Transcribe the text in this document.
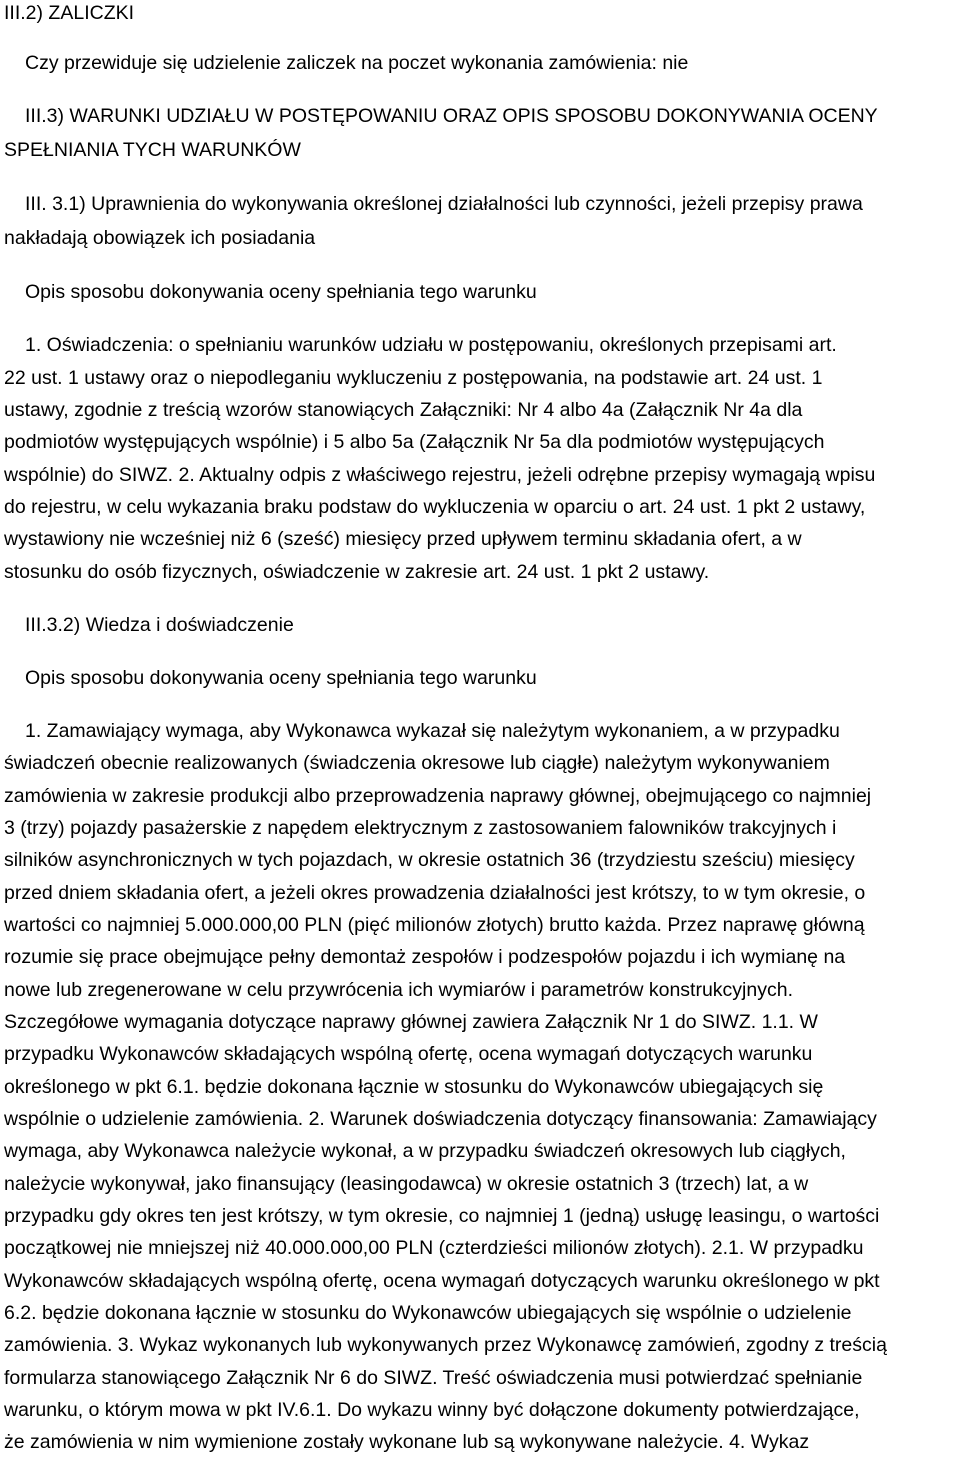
III.2) ZALICZKI
Czy przewiduje się udzielenie zaliczek na poczet wykonania zamówienia: nie
III.3) WARUNKI UDZIAŁU W POSTĘPOWANIU ORAZ OPIS SPOSOBU DOKONYWANIA OCENY
SPEŁNIANIA TYCH WARUNKÓW
III. 3.1) Uprawnienia do wykonywania określonej działalności lub czynności, jeżeli przepisy prawa
nakładają obowiązek ich posiadania
Opis sposobu dokonywania oceny spełniania tego warunku
1. Oświadczenia: o spełnianiu warunków udziału w postępowaniu, określonych przepisami art.
22 ust. 1 ustawy oraz o niepodleganiu wykluczeniu z postępowania, na podstawie art. 24 ust. 1
ustawy, zgodnie z treścią wzorów stanowiących Załączniki: Nr 4 albo 4a (Załącznik Nr 4a dla
podmiotów występujących wspólnie) i 5 albo 5a (Załącznik Nr 5a dla podmiotów występujących
wspólnie) do SIWZ. 2. Aktualny odpis z właściwego rejestru, jeżeli odrębne przepisy wymagają wpisu
do rejestru, w celu wykazania braku podstaw do wykluczenia w oparciu o art. 24 ust. 1 pkt 2 ustawy,
wystawiony nie wcześniej niż 6 (sześć) miesięcy przed upływem terminu składania ofert, a w
stosunku do osób fizycznych, oświadczenie w zakresie art. 24 ust. 1 pkt 2 ustawy.
III.3.2) Wiedza i doświadczenie
Opis sposobu dokonywania oceny spełniania tego warunku
1. Zamawiający wymaga, aby Wykonawca wykazał się należytym wykonaniem, a w przypadku
świadczeń obecnie realizowanych (świadczenia okresowe lub ciągłe) należytym wykonywaniem
zamówienia w zakresie produkcji albo przeprowadzenia naprawy głównej, obejmującego co najmniej
3 (trzy) pojazdy pasażerskie z napędem elektrycznym z zastosowaniem falowników trakcyjnych i
silników asynchronicznych w tych pojazdach, w okresie ostatnich 36 (trzydziestu sześciu) miesięcy
przed dniem składania ofert, a jeżeli okres prowadzenia działalności jest krótszy, to w tym okresie, o
wartości co najmniej 5.000.000,00 PLN (pięć milionów złotych) brutto każda. Przez naprawę główną
rozumie się prace obejmujące pełny demontaż zespołów i podzespołów pojazdu i ich wymianę na
nowe lub zregenerowane w celu przywrócenia ich wymiarów i parametrów konstrukcyjnych.
Szczegółowe wymagania dotyczące naprawy głównej zawiera Załącznik Nr 1 do SIWZ. 1.1. W
przypadku Wykonawców składających wspólną ofertę, ocena wymagań dotyczących warunku
określonego w pkt 6.1. będzie dokonana łącznie w stosunku do Wykonawców ubiegających się
wspólnie o udzielenie zamówienia. 2. Warunek doświadczenia dotyczący finansowania: Zamawiający
wymaga, aby Wykonawca należycie wykonał, a w przypadku świadczeń okresowych lub ciągłych,
należycie wykonywał, jako finansujący (leasingodawca) w okresie ostatnich 3 (trzech) lat, a w
przypadku gdy okres ten jest krótszy, w tym okresie, co najmniej 1 (jedną) usługę leasingu, o wartości
początkowej nie mniejszej niż 40.000.000,00 PLN (czterdzieści milionów złotych). 2.1. W przypadku
Wykonawców składających wspólną ofertę, ocena wymagań dotyczących warunku określonego w pkt
6.2. będzie dokonana łącznie w stosunku do Wykonawców ubiegających się wspólnie o udzielenie
zamówienia. 3. Wykaz wykonanych lub wykonywanych przez Wykonawcę zamówień, zgodny z treścią
formularza stanowiącego Załącznik Nr 6 do SIWZ. Treść oświadczenia musi potwierdzać spełnianie
warunku, o którym mowa w pkt IV.6.1. Do wykazu winny być dołączone dokumenty potwierdzające,
że zamówienia w nim wymienione zostały wykonane lub są wykonywane należycie. 4. Wykaz
